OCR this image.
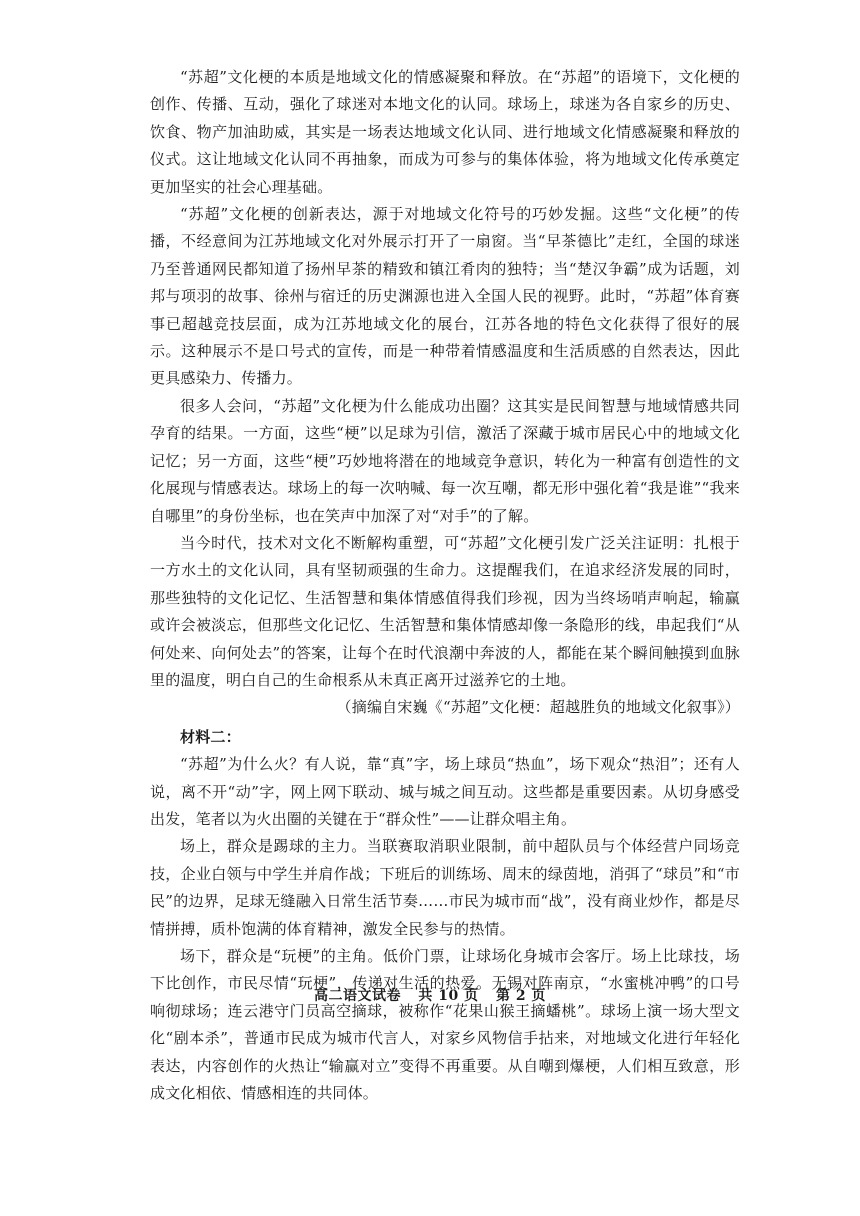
“苏超”文化梗的本质是地域文化的情感凝聚和释放。在“苏超”的语境下，文化梗的创作、传播、互动，强化了球迷对本地文化的认同。球场上，球迷为各自家乡的历史、饮食、物产加油助威，其实是一场表达地域文化认同、进行地域文化情感凝聚和释放的仪式。这让地域文化认同不再抽象，而成为可参与的集体体验，将为地域文化传承奠定更加坚实的社会心理基础。

“苏超”文化梗的创新表达，源于对地域文化符号的巧妙发掘。这些“文化梗”的传播，不经意间为江苏地域文化对外展示打开了一扇窗。当“早茶德比”走红，全国的球迷乃至普通网民都知道了扬州早茶的精致和镇江肴肉的独特；当“楚汉争霸”成为话题，刘邦与项羽的故事、徐州与宿迁的历史渊源也进入全国人民的视野。此时，“苏超”体育赛事已超越竞技层面，成为江苏地域文化的展台，江苏各地的特色文化获得了很好的展示。这种展示不是口号式的宣传，而是一种带着情感温度和生活质感的自然表达，因此更具感染力、传播力。

很多人会问，“苏超”文化梗为什么能成功出圈？这其实是民间智慧与地域情感共同孕育的结果。一方面，这些“梗”以足球为引信，激活了深藏于城市居民心中的地域文化记忆；另一方面，这些“梗”巧妙地将潜在的地域竞争意识，转化为一种富有创造性的文化展现与情感表达。球场上的每一次呐喊、每一次互嘲，都无形中强化着“我是谁”“我来自哪里”的身份坐标，也在笑声中加深了对“对手”的了解。

当今时代，技术对文化不断解构重塑，可“苏超”文化梗引发广泛关注证明：扎根于一方水土的文化认同，具有坚韧顽强的生命力。这提醒我们，在追求经济发展的同时，那些独特的文化记忆、生活智慧和集体情感值得我们珍视，因为当终场哨声响起，输赢或许会被淡忘，但那些文化记忆、生活智慧和集体情感却像一条隐形的线，串起我们“从何处来、向何处去”的答案，让每个在时代浪潮中奔波的人，都能在某个瞬间触摸到血脉里的温度，明白自己的生命根系从未真正离开过滋养它的土地。

（摘编自宋巍《“苏超”文化梗：超越胜负的地域文化叙事》）

材料二：

“苏超”为什么火？有人说，靠“真”字，场上球员“热血”，场下观众“热泪”；还有人说，离不开“动”字，网上网下联动、城与城之间互动。这些都是重要因素。从切身感受出发，笔者以为火出圈的关键在于“群众性”——让群众唱主角。

场上，群众是踢球的主力。当联赛取消职业限制，前中超队员与个体经营户同场竞技，企业白领与中学生并肩作战；下班后的训练场、周末的绿茵地，消弭了“球员”和“市民”的边界，足球无缝融入日常生活节奏……市民为城市而“战”，没有商业炒作，都是尽情拼搏，质朴饱满的体育精神，激发全民参与的热情。

场下，群众是“玩梗”的主角。低价门票，让球场化身城市会客厅。场上比球技，场下比创作，市民尽情“玩梗”，传递对生活的热爱。无锡对阵南京，“水蜜桃冲鸭”的口号响彻球场；连云港守门员高空摘球，被称作“花果山猴王摘蟠桃”。球场上演一场大型文化“剧本杀”，普通市民成为城市代言人，对家乡风物信手拈来，对地域文化进行年轻化表达，内容创作的火热让“输赢对立”变得不再重要。从自嘲到爆梗，人们相互致意，形成文化相依、情感相连的共同体。

高二语文试卷 共 10 页 第 2 页
